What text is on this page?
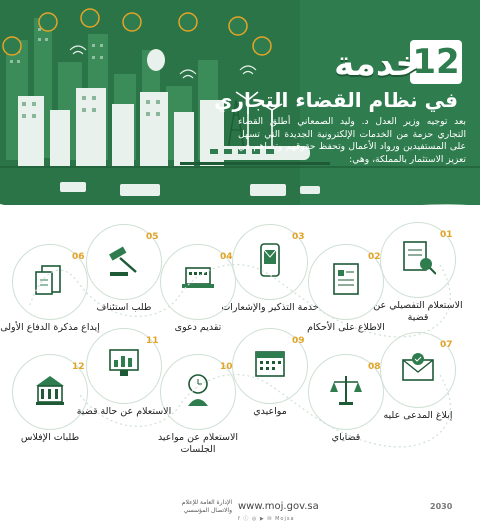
12
خدمة
في نظام القضاء التجاري
بعد توجيه وزير العدل د. وليد الصمعاني أطلق القضاء التجاري حزمة من الخدمات الإلكترونية الجديدة التي تسهل على المستفيدين ورواد الأعمال وتحفظ حقوقهم وتساهم في تعزيز الاستثمار بالمملكة، وهي:
01
الاستعلام التفصيلي عن قضية
02
الاطلاع على الأحكام
03
خدمة التذكير والإشعارات
04
تقديم دعوى
05
طلب استئناف
06
إيداع مذكرة الدفاع الأولى
07
إبلاغ المدعى عليه
08
قضاياي
09
مواعيدي
10
الاستعلام عن مواعيد الجلسات
11
الاستعلام عن حالة قضية
12
طلبات الإفلاس
الإدارة العامة للإعلام والاتصال المؤسسي www.moj.gov.sa
f ⓘ ◎ ▶ ✉ Mojsa
2030
